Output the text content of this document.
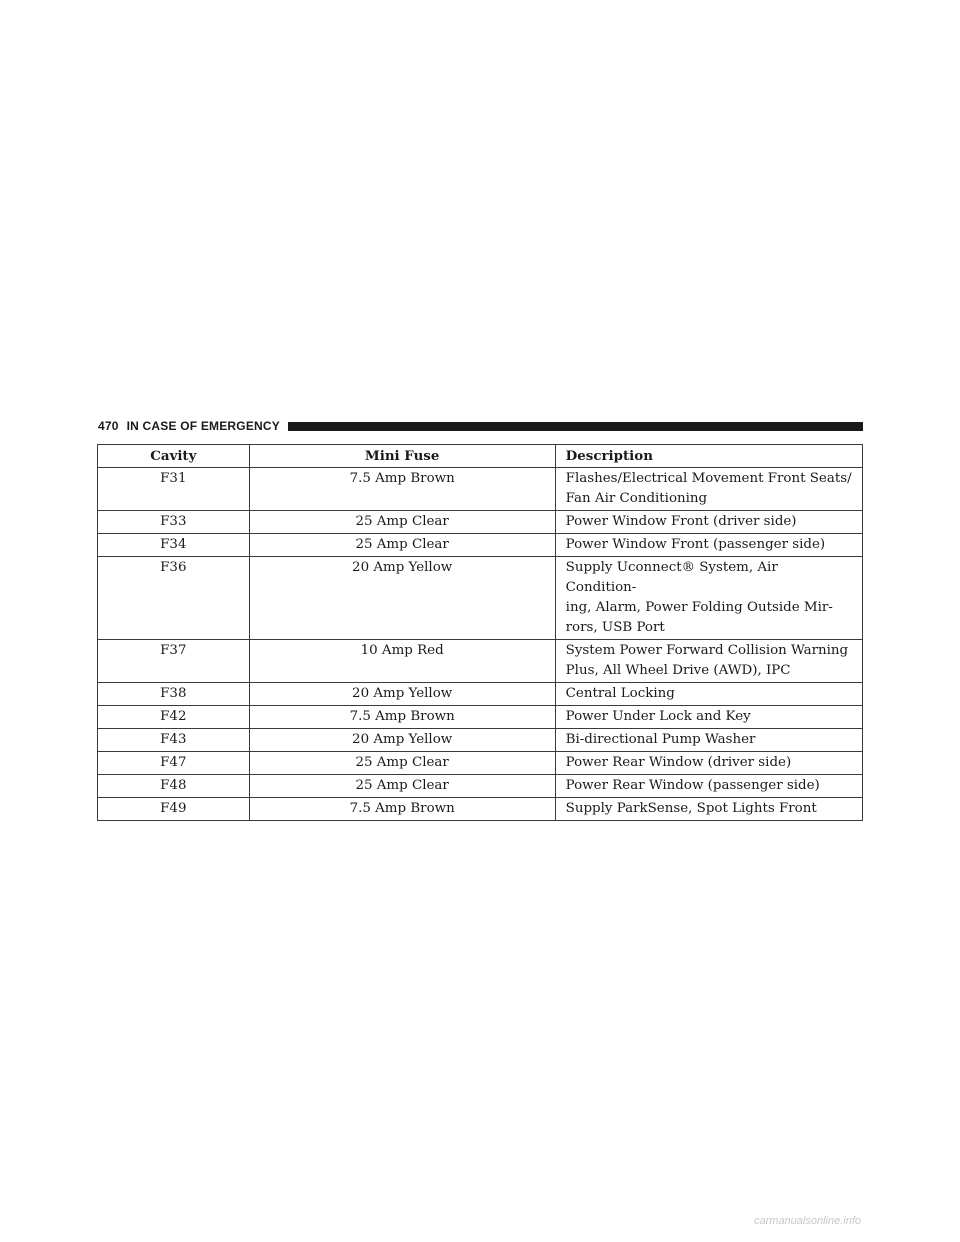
470 IN CASE OF EMERGENCY
Cavity	Mini Fuse	Description
F31	7.5 Amp Brown	Flashes/Electrical Movement Front Seats/
Fan Air Conditioning
F33	25 Amp Clear	Power Window Front (driver side)
F34	25 Amp Clear	Power Window Front (passenger side)
F36	20 Amp Yellow	Supply Uconnect® System, Air Condition-
ing, Alarm, Power Folding Outside Mir-
rors, USB Port
F37	10 Amp Red	System Power Forward Collision Warning
Plus, All Wheel Drive (AWD), IPC
F38	20 Amp Yellow	Central Locking
F42	7.5 Amp Brown	Power Under Lock and Key
F43	20 Amp Yellow	Bi-directional Pump Washer
F47	25 Amp Clear	Power Rear Window (driver side)
F48	25 Amp Clear	Power Rear Window (passenger side)
F49	7.5 Amp Brown	Supply ParkSense, Spot Lights Front
carmanualsonline.info
